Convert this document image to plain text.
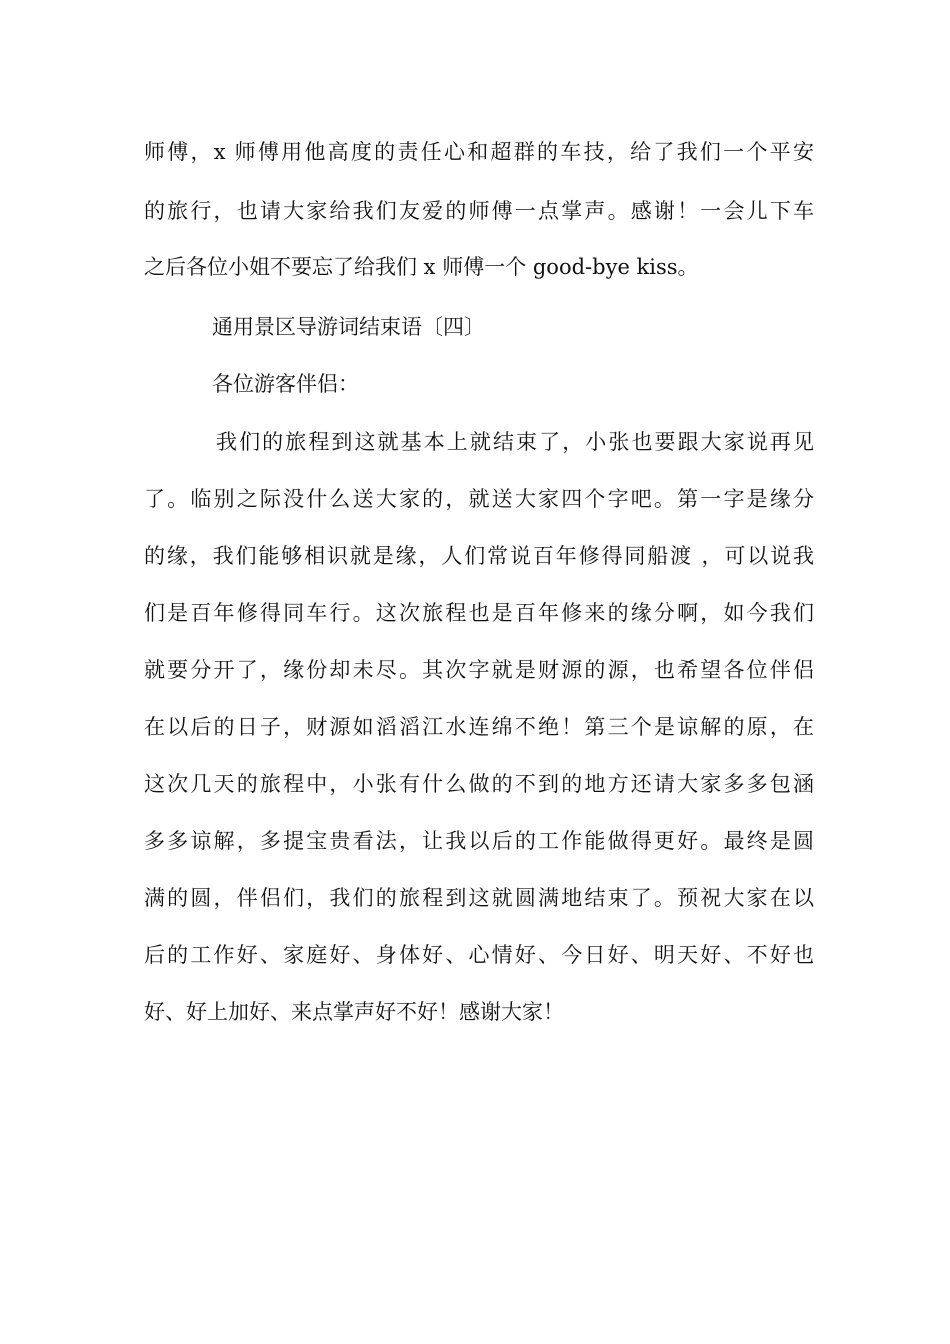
师傅，x 师傅用他高度的责任心和超群的车技，给了我们一个平安
的旅行，也请大家给我们友爱的师傅一点掌声。感谢！一会儿下车
之后各位小姐不要忘了给我们 x 师傅一个 good-bye kiss。
通用景区导游词结束语〔四〕
各位游客伴侣：
我们的旅程到这就基本上就结束了，小张也要跟大家说再见
了。临别之际没什么送大家的，就送大家四个字吧。第一字是缘分
的缘，我们能够相识就是缘，人们常说百年修得同船渡 ，可以说我
们是百年修得同车行。这次旅程也是百年修来的缘分啊，如今我们
就要分开了，缘份却未尽。其次字就是财源的源，也希望各位伴侣
在以后的日子，财源如滔滔江水连绵不绝！第三个是谅解的原，在
这次几天的旅程中，小张有什么做的不到的地方还请大家多多包涵
多多谅解，多提宝贵看法，让我以后的工作能做得更好。最终是圆
满的圆，伴侣们，我们的旅程到这就圆满地结束了。预祝大家在以
后的工作好、家庭好、身体好、心情好、今日好、明天好、不好也
好、好上加好、来点掌声好不好！感谢大家！
